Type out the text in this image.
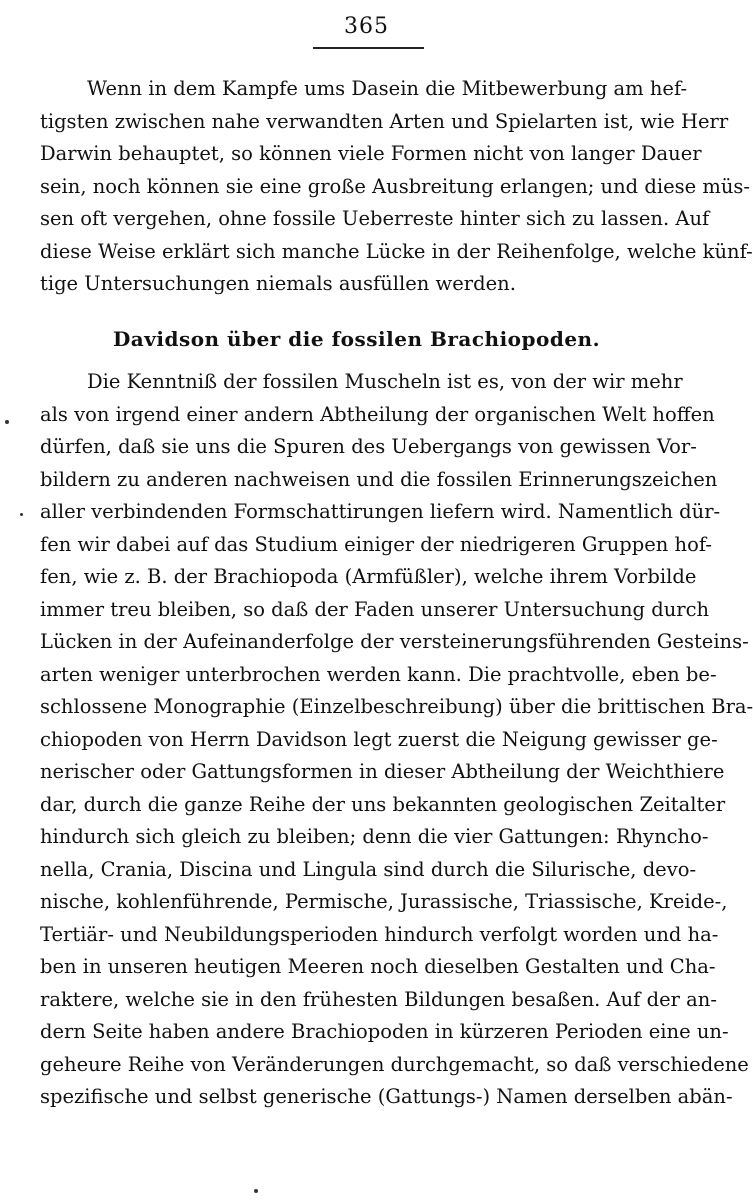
365
Wenn in dem Kampfe ums Dasein die Mitbewerbung am hef-
tigsten zwischen nahe verwandten Arten und Spielarten ist, wie Herr
Darwin behauptet, so können viele Formen nicht von langer Dauer
sein, noch können sie eine große Ausbreitung erlangen; und diese müs-
sen oft vergehen, ohne fossile Ueberreste hinter sich zu lassen. Auf
diese Weise erklärt sich manche Lücke in der Reihenfolge, welche künf-
tige Untersuchungen niemals ausfüllen werden.
Davidson über die fossilen Brachiopoden.
Die Kenntniß der fossilen Muscheln ist es, von der wir mehr
als von irgend einer andern Abtheilung der organischen Welt hoffen
dürfen, daß sie uns die Spuren des Uebergangs von gewissen Vor-
bildern zu anderen nachweisen und die fossilen Erinnerungszeichen
aller verbindenden Formschattirungen liefern wird. Namentlich dür-
fen wir dabei auf das Studium einiger der niedrigeren Gruppen hof-
fen, wie z. B. der Brachiopoda (Armfüßler), welche ihrem Vorbilde
immer treu bleiben, so daß der Faden unserer Untersuchung durch
Lücken in der Aufeinanderfolge der versteinerungsführenden Gesteins-
arten weniger unterbrochen werden kann. Die prachtvolle, eben be-
schlossene Monographie (Einzelbeschreibung) über die brittischen Bra-
chiopoden von Herrn Davidson legt zuerst die Neigung gewisser ge-
nerischer oder Gattungsformen in dieser Abtheilung der Weichthiere
dar, durch die ganze Reihe der uns bekannten geologischen Zeitalter
hindurch sich gleich zu bleiben; denn die vier Gattungen: Rhyncho-
nella, Crania, Discina und Lingula sind durch die Silurische, devo-
nische, kohlenführende, Permische, Jurassische, Triassische, Kreide-,
Tertiär- und Neubildungsperioden hindurch verfolgt worden und ha-
ben in unseren heutigen Meeren noch dieselben Gestalten und Cha-
raktere, welche sie in den frühesten Bildungen besaßen. Auf der an-
dern Seite haben andere Brachiopoden in kürzeren Perioden eine un-
geheure Reihe von Veränderungen durchgemacht, so daß verschiedene
spezifische und selbst generische (Gattungs-) Namen derselben abän-
